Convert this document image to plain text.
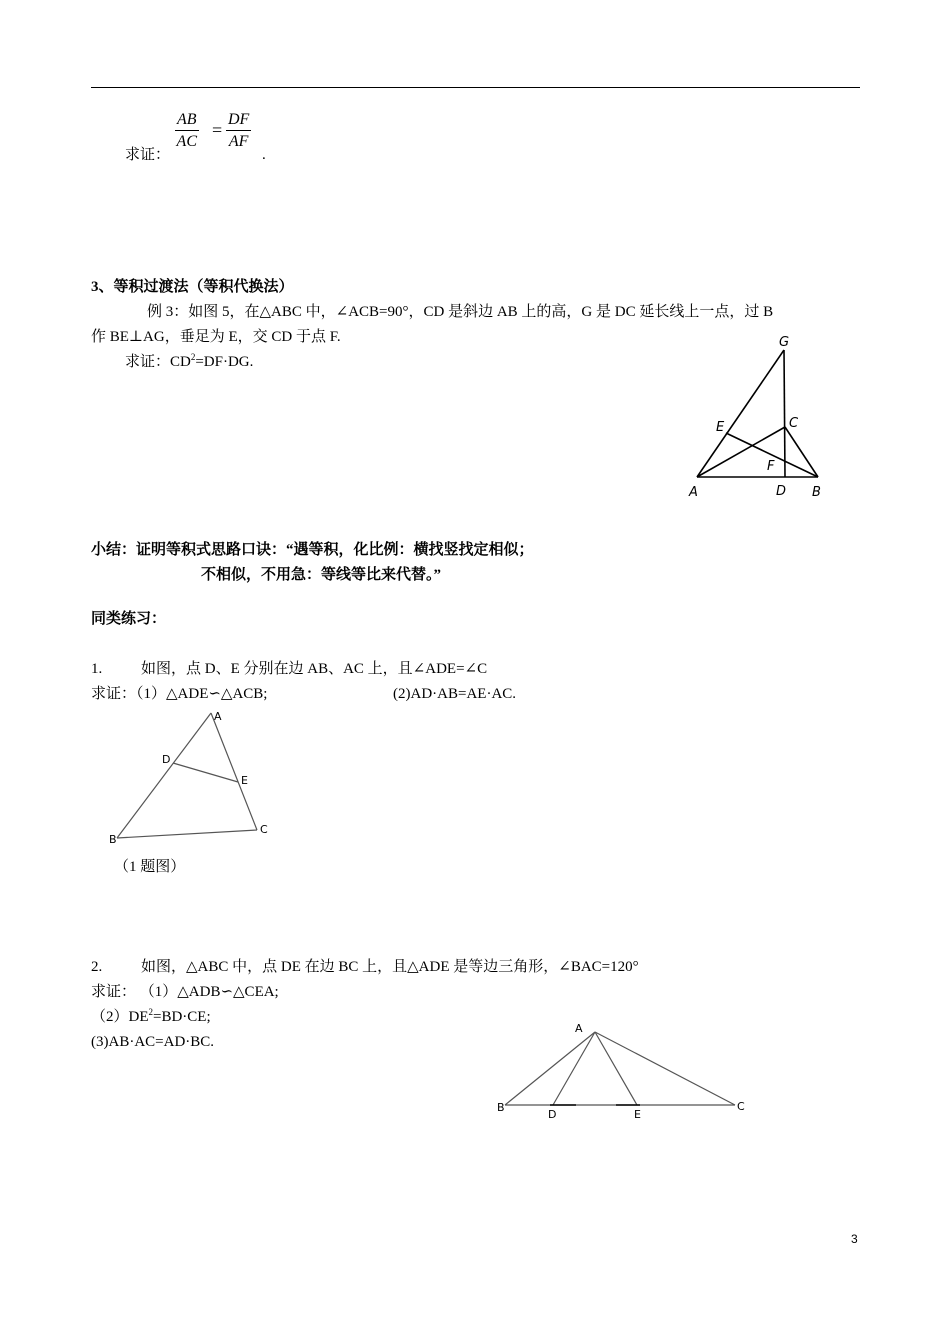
求证：
$\frac{AB}{AC} = \frac{DF}{AF}$
.
3、等积过渡法（等积代换法）
例 3：如图 5，在△ABC 中，∠ACB=90°，CD 是斜边 AB 上的高，G 是 DC 延长线上一点，过 B
作 BE⊥AG，垂足为 E，交 CD 于点 F.
求证：$CD^2=DF\cdot DG$.
G
C
E
F
A	D B
小结：证明等积式思路口诀：“遇等积，化比例：横找竖找定相似；
不相似，不用急：等线等比来代替。”
同类练习：
1.	如图，点 D、E 分别在边 AB、AC 上，且∠ADE=∠C
求证：（1）△ADE∽△ACB;	(2)AD·AB=AE·AC.
A
D
E
B
C
（1 题图）
2.	如图，△ABC 中，点 DE 在边 BC 上，且△ADE 是等边三角形，∠BAC=120°
求证： （1）△ADB∽△CEA;
$(2)DE^2=BD\cdot CE$;
(3)AB·AC=AD·BC.
A
B
D	E
C
3
